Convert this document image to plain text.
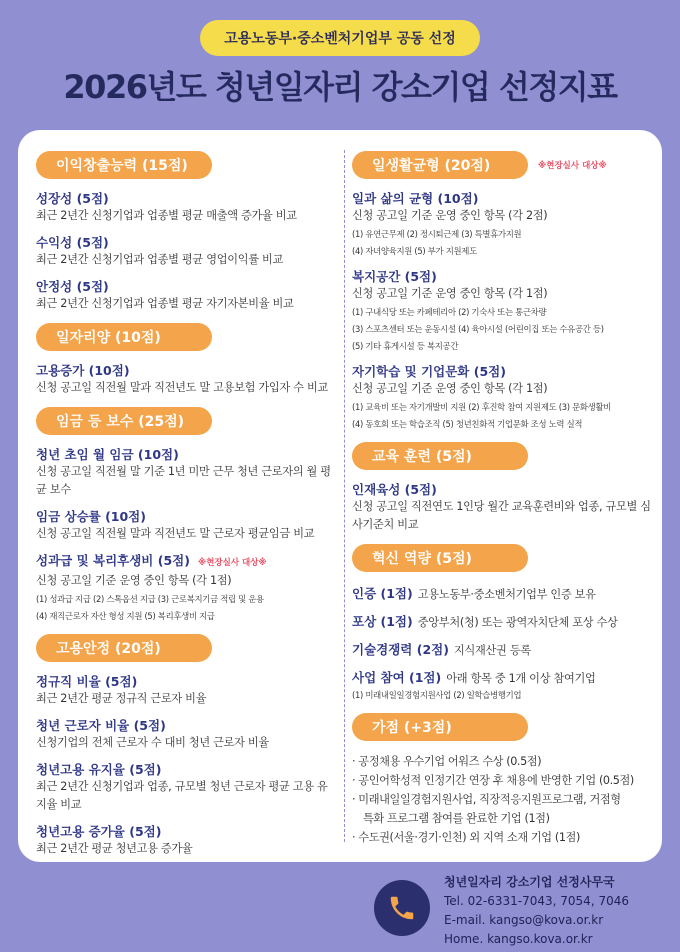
고용노동부·중소벤처기업부 공동 선정
2026년도 청년일자리 강소기업 선정지표
이익창출능력 (15점)
성장성 (5점)
최근 2년간 신청기업과 업종별 평균 매출액 증가율 비교
수익성 (5점)
최근 2년간 신청기업과 업종별 평균 영업이익률 비교
안정성 (5점)
최근 2년간 신청기업과 업종별 평균 자기자본비율 비교
일자리양 (10점)
고용증가 (10점)
신청 공고일 직전월 말과 직전년도 말 고용보험 가입자 수 비교
임금 등 보수 (25점)
청년 초임 월 임금 (10점)
신청 공고일 직전월 말 기준 1년 미만 근무 청년 근로자의 월 평균 보수
임금 상승률 (10점)
신청 공고일 직전월 말과 직전년도 말 근로자 평균임금 비교
성과급 및 복리후생비 (5점) ※현장실사 대상※
신청 공고일 기준 운영 중인 항목 (각 1점)
(1) 성과급 지급 (2) 스톡옵션 지급 (3) 근로복지기금 적립 및 운용
(4) 재직근로자 자산 형성 지원 (5) 복리후생비 지급
고용안정 (20점)
정규직 비율 (5점)
최근 2년간 평균 정규직 근로자 비율
청년 근로자 비율 (5점)
신청기업의 전체 근로자 수 대비 청년 근로자 비율
청년고용 유지율 (5점)
최근 2년간 신청기업과 업종, 규모별 청년 근로자 평균 고용 유지율 비교
청년고용 증가율 (5점)
최근 2년간 평균 청년고용 증가율
일생활균형 (20점)	※현장실사 대상※
일과 삶의 균형 (10점)
신청 공고일 기준 운영 중인 항목 (각 2점)
(1) 유연근무제 (2) 정시퇴근제 (3) 특별휴가지원
(4) 자녀양육지원 (5) 부가 지원제도
복지공간 (5점)
신청 공고일 기준 운영 중인 항목 (각 1점)
(1) 구내식당 또는 카페테리아 (2) 기숙사 또는 통근차량
(3) 스포츠센터 또는 운동시설 (4) 육아시설 (어린이집 또는 수유공간 등)
(5) 기타 휴게시설 등 복지공간
자기학습 및 기업문화 (5점)
신청 공고일 기준 운영 중인 항목 (각 1점)
(1) 교육비 또는 자기개발비 지원 (2) 후진학 참여 지원제도 (3) 문화생활비
(4) 동호회 또는 학습조직 (5) 청년친화적 기업문화 조성 노력 실적
교육 훈련 (5점)
인재육성 (5점)
신청 공고일 직전연도 1인당 월간 교육훈련비와 업종, 규모별 심사기준치 비교
혁신 역량 (5점)
인증 (1점) 고용노동부·중소벤처기업부 인증 보유
포상 (1점) 중앙부처(청) 또는 광역자치단체 포상 수상
기술경쟁력 (2점) 지식재산권 등록
사업 참여 (1점) 아래 항목 중 1개 이상 참여기업
(1) 미래내일일경험지원사업 (2) 일학습병행기업
가점 (+3점)
· 공정채용 우수기업 어워즈 수상 (0.5점)
· 공인어학성적 인정기간 연장 후 채용에 반영한 기업 (0.5점)
· 미래내일일경험지원사업, 직장적응지원프로그램, 거점형
특화 프로그램 참여를 완료한 기업 (1점)
· 수도권(서울·경기·인천) 외 지역 소재 기업 (1점)
청년일자리 강소기업 선정사무국
Tel. 02-6331-7043, 7054, 7046
E-mail. kangso@kova.or.kr
Home. kangso.kova.or.kr
